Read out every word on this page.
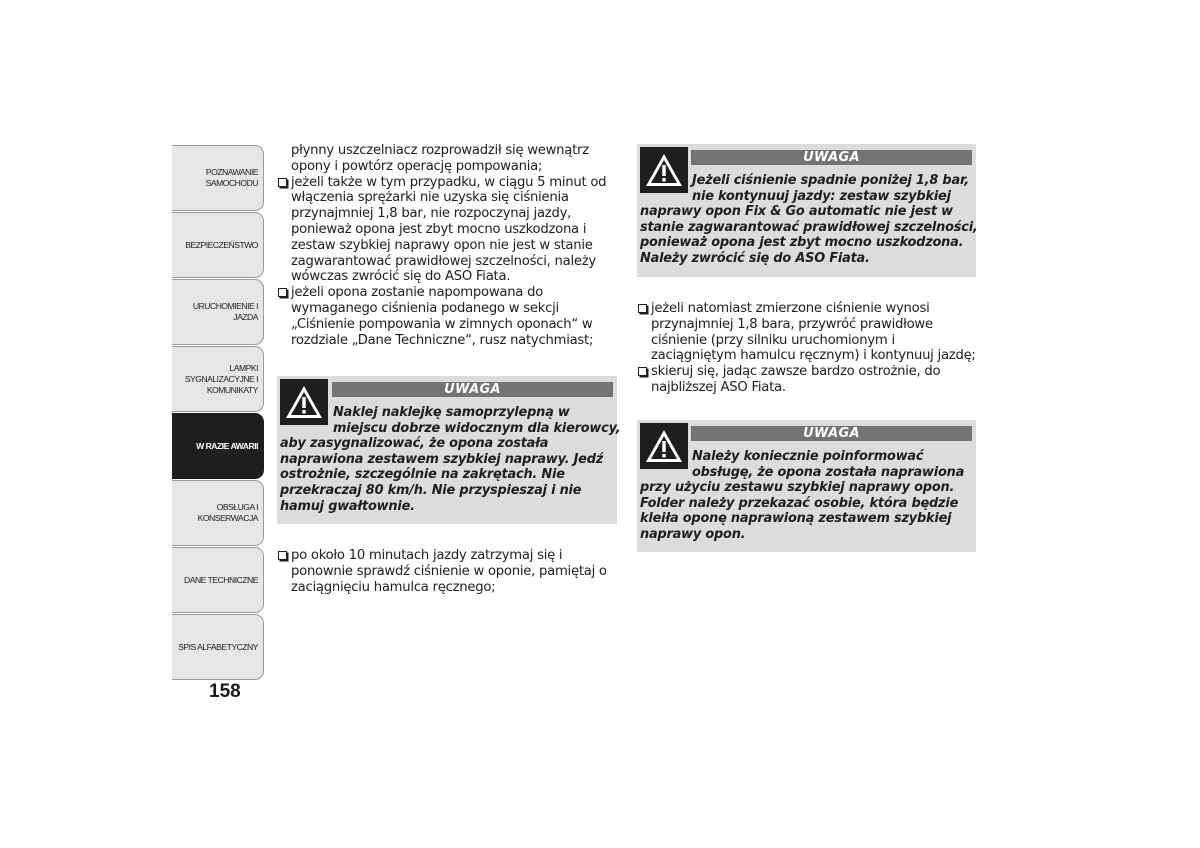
POZNAWANIE
SAMOCHODU
BEZPIECZEŃSTWO
URUCHOMIENIE I
JAZDA
LAMPKI
SYGNALIZACYJNE I
KOMUNIKATY
W RAZIE AWARII
OBSŁUGA I
KONSERWACJA
DANE TECHNICZNE
SPIS ALFABETYCZNY
158
płynny uszczelniacz rozprowadził się wewnątrz
opony i powtórz operację pompowania;
jeżeli także w tym przypadku, w ciągu 5 minut od
włączenia sprężarki nie uzyska się ciśnienia
przynajmniej 1,8 bar, nie rozpoczynaj jazdy,
ponieważ opona jest zbyt mocno uszkodzona i
zestaw szybkiej naprawy opon nie jest w stanie
zagwarantować prawidłowej szczelności, należy
wówczas zwrócić się do ASO Fiata.
jeżeli opona zostanie napompowana do
wymaganego ciśnienia podanego w sekcji
„Ciśnienie pompowania w zimnych oponach“ w
rozdziale „Dane Techniczne“, rusz natychmiast;
UWAGA
Naklej naklejkę samoprzylepną w
miejscu dobrze widocznym dla kierowcy,
aby zasygnalizować, że opona została
naprawiona zestawem szybkiej naprawy. Jedź
ostrożnie, szczególnie na zakrętach. Nie
przekraczaj 80 km/h. Nie przyspieszaj i nie
hamuj gwałtownie.
po około 10 minutach jazdy zatrzymaj się i
ponownie sprawdź ciśnienie w oponie, pamiętaj o
zaciągnięciu hamulca ręcznego;
UWAGA
Jeżeli ciśnienie spadnie poniżej 1,8 bar,
nie kontynuuj jazdy: zestaw szybkiej
naprawy opon Fix & Go automatic nie jest w
stanie zagwarantować prawidłowej szczelności,
ponieważ opona jest zbyt mocno uszkodzona.
Należy zwrócić się do ASO Fiata.
jeżeli natomiast zmierzone ciśnienie wynosi
przynajmniej 1,8 bara, przywróć prawidłowe
ciśnienie (przy silniku uruchomionym i
zaciągniętym hamulcu ręcznym) i kontynuuj jazdę;
skieruj się, jadąc zawsze bardzo ostrożnie, do
najbliższej ASO Fiata.
UWAGA
Należy koniecznie poinformować
obsługę, że opona została naprawiona
przy użyciu zestawu szybkiej naprawy opon.
Folder należy przekazać osobie, która będzie
kleiła oponę naprawioną zestawem szybkiej
naprawy opon.
